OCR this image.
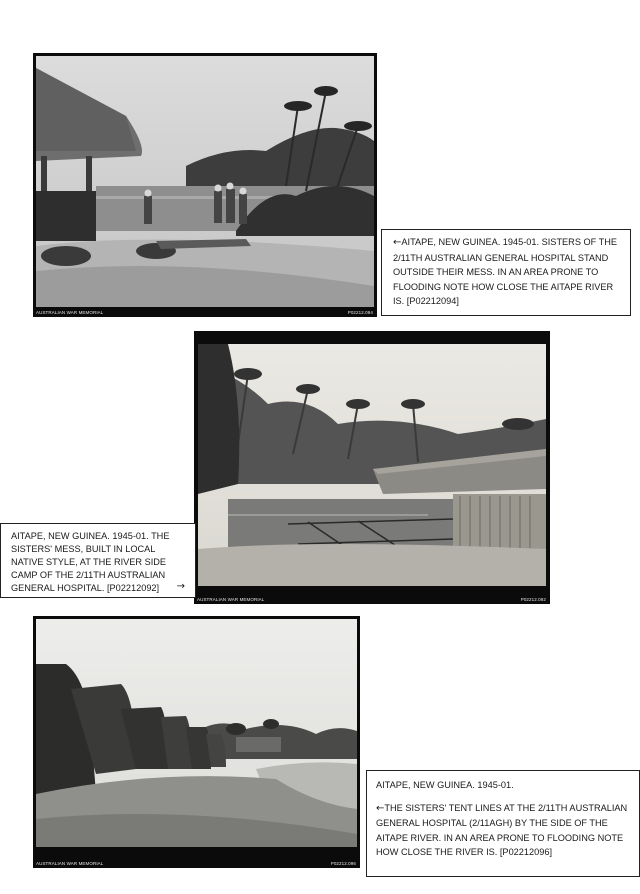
AUSTRALIAN WAR MEMORIAL	P02212.094

←AITAPE, NEW GUINEA. 1945-01. SISTERS OF THE 2/11TH AUSTRALIAN GENERAL HOSPITAL STAND OUTSIDE THEIR MESS. IN AN AREA PRONE TO FLOODING NOTE HOW CLOSE THE AITAPE RIVER IS. [P02212094]

AUSTRALIAN WAR MEMORIAL	P02212.092

AITAPE, NEW GUINEA. 1945-01. THE SISTERS' MESS, BUILT IN LOCAL NATIVE STYLE, AT THE RIVER SIDE CAMP OF THE 2/11TH AUSTRALIAN GENERAL HOSPITAL. [P02212092]	→
AUSTRALIAN WAR MEMORIAL	P02212.096

AITAPE, NEW GUINEA. 1945-01.

←THE SISTERS' TENT LINES AT THE 2/11TH AUSTRALIAN GENERAL HOSPITAL (2/11AGH) BY THE SIDE OF THE AITAPE RIVER. IN AN AREA PRONE TO FLOODING NOTE HOW CLOSE THE RIVER IS. [P02212096]
